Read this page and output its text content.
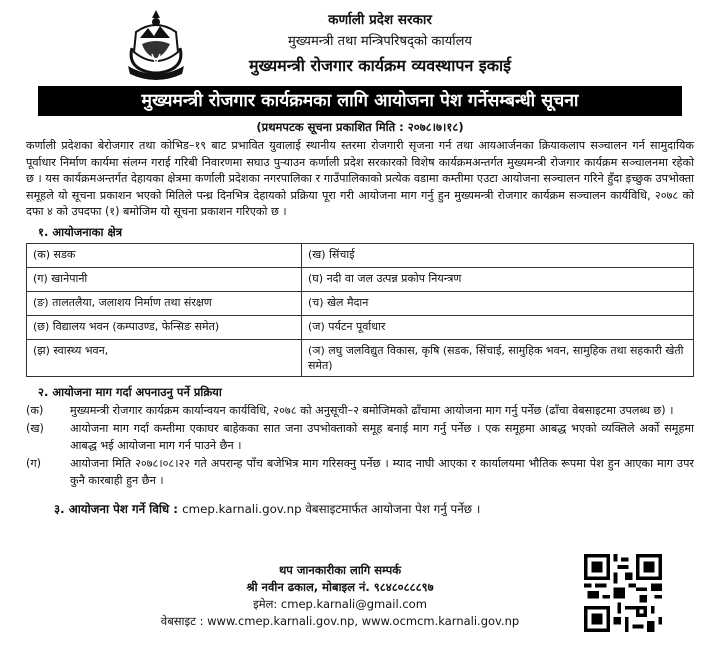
कर्णाली प्रदेश सरकार
मुख्यमन्त्री तथा मन्त्रिपरिषद्को कार्यालय
मुख्यमन्त्री रोजगार कार्यक्रम व्यवस्थापन इकाई
मुख्यमन्त्री रोजगार कार्यक्रमका लागि आयोजना पेश गर्नेसम्बन्धी सूचना
(प्रथमपटक सूचना प्रकाशित मिति : २०७८।७।१८)
कर्णाली प्रदेशका बेरोजगार तथा कोभिड–१९ बाट प्रभावित युवालाई स्थानीय स्तरमा रोजगारी सृजना गर्न तथा आयआर्जनका क्रियाकलाप सञ्चालन गर्न सामुदायिक पूर्वाधार निर्माण कार्यमा संलग्न गराई गरिबी निवारणमा सघाउ पुऱ्याउन कर्णाली प्रदेश सरकारको विशेष कार्यक्रमअन्तर्गत मुख्यमन्त्री रोजगार कार्यक्रम सञ्चालनमा रहेको छ । यस कार्यक्रमअन्तर्गत देहायका क्षेत्रमा कर्णाली प्रदेशका नगरपालिका र गाउँपालिकाको प्रत्येक वडामा कम्तीमा एउटा आयोजना सञ्चालन गरिने हुँदा इच्छुक उपभोक्ता समूहले यो सूचना प्रकाशन भएको मितिले पन्ध्र दिनभित्र देहायको प्रक्रिया पूरा गरी आयोजना माग गर्नु हुन मुख्यमन्त्री रोजगार कार्यक्रम सञ्चालन कार्यविधि, २०७८ को दफा ४ को उपदफा (१) बमोजिम यो सूचना प्रकाशन गरिएको छ ।
१. आयोजनाका क्षेत्र
(क) सडक	(ख) सिंचाई
(ग) खानेपानी	(घ) नदी वा जल उत्पन्न प्रकोप नियन्त्रण
(ङ) तालतलैया, जलाशय निर्माण तथा संरक्षण	(च) खेल मैदान
(छ) विद्यालय भवन (कम्पाउण्ड, फेन्सिङ समेत)	(ज) पर्यटन पूर्वाधार
(झ) स्वास्थ्य भवन,	(ञ) लघु जलविद्युत विकास, कृषि (सडक, सिंचाई, सामुहिक भवन, सामुहिक तथा सहकारी खेती समेत)
२. आयोजना माग गर्दा अपनाउनु पर्ने प्रक्रिया
(क)	मुख्यमन्त्री रोजगार कार्यक्रम कार्यान्वयन कार्यविधि, २०७८ को अनुसूची–२ बमोजिमको ढाँचामा आयोजना माग गर्नु पर्नेछ (ढाँचा वेबसाइटमा उपलब्ध छ) ।
(ख)	आयोजना माग गर्दा कम्तीमा एकाघर बाहेकका सात जना उपभोक्ताको समूह बनाई माग गर्नु पर्नेछ । एक समूहमा आबद्ध भएको व्यक्तिले अर्को समूहमा आबद्ध भई आयोजना माग गर्न पाउने छैन ।
(ग)	आयोजना मिति २०७८।०८।२२ गते अपरान्ह पाँच बजेभित्र माग गरिसक्नु पर्नेछ । म्याद नाघी आएका र कार्यालयमा भौतिक रूपमा पेश हुन आएका माग उपर कुनै कारबाही हुन छैन ।
३. आयोजना पेश गर्ने विधि : cmep.karnali.gov.np वेबसाइटमार्फत आयोजना पेश गर्नु पर्नेछ ।
थप जानकारीका लागि सम्पर्क
श्री नवीन ढकाल, मोबाइल नं. ९८४८०८८८९७
इमेल: cmep.karnali@gmail.com
वेबसाइट : www.cmep.karnali.gov.np, www.ocmcm.karnali.gov.np
